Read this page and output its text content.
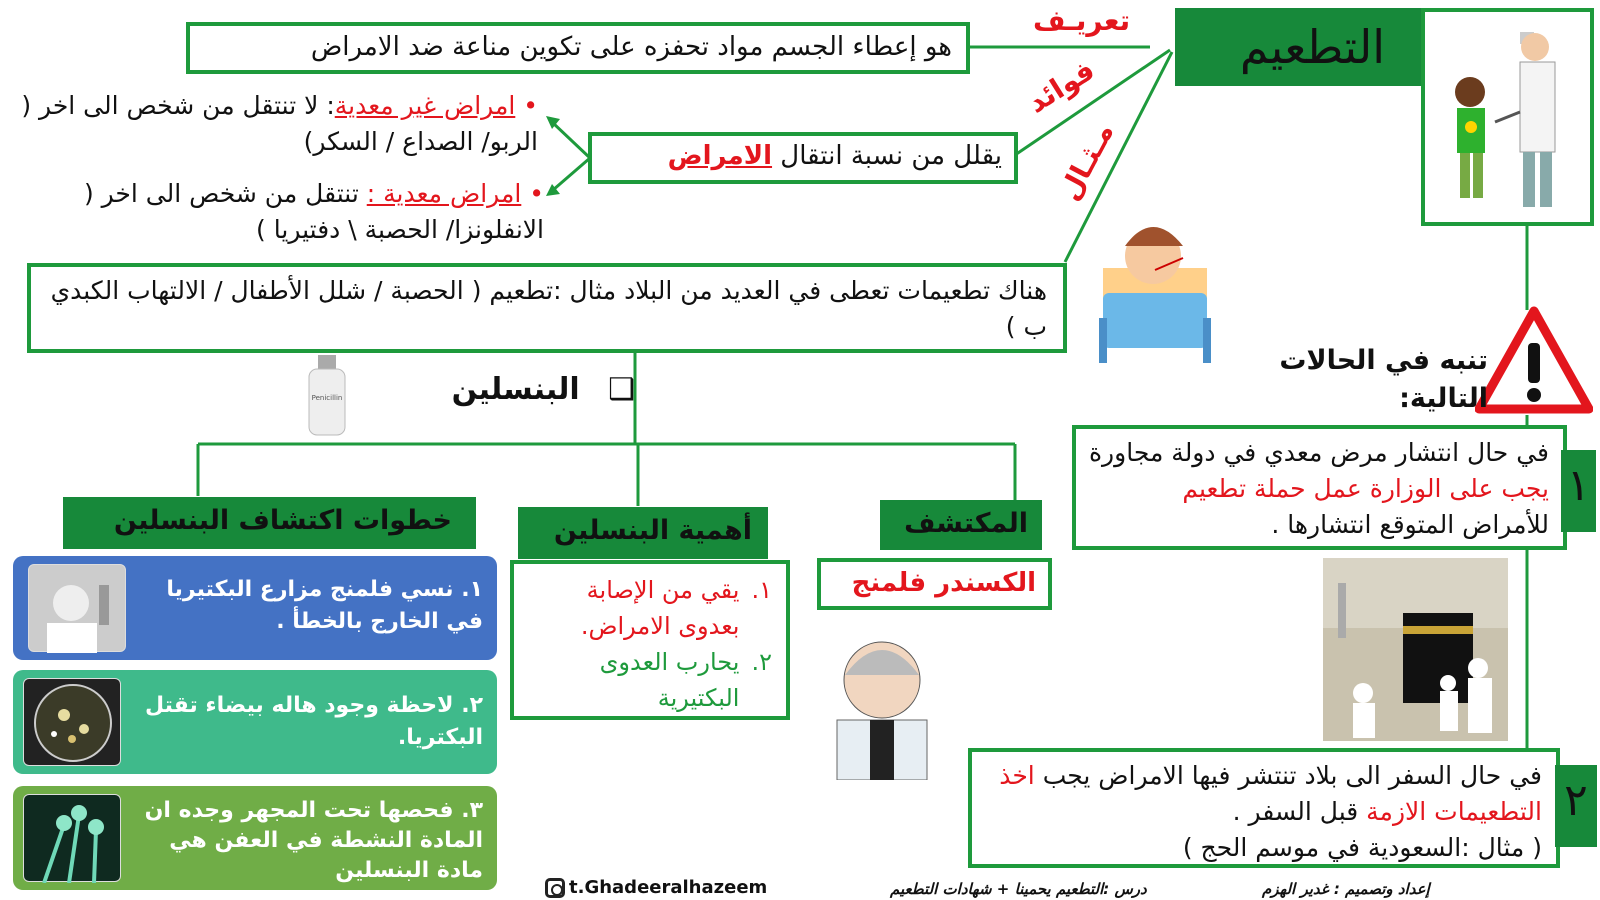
التطعيم
تعريـف
فوائد
مـثـال
هو إعطاء الجسم مواد تحفزه على تكوين مناعة ضد الامراض
يقلل من نسبة انتقال الامراض
• امراض غير معدية: لا تنتقل من شخص الى اخر ( الربو/ الصداع / السكر)
• امراض معدية : تنتقل من شخص الى اخر ( الانفلونزا/ الحصبة \ دفتيريا )
هناك تطعيمات تعطى في العديد من البلاد مثال :تطعيم ( الحصبة / شلل الأطفال / الالتهاب الكبدي ب )
تنبه في الحالات التالية:
Penicillin	❑ البنسلين
في حال انتشار مرض معدي في دولة مجاورة يجب على الوزارة عمل حملة تطعيم للأمراض المتوقع انتشارها .
١
في حال السفر الى بلاد تنتشر فيها الامراض يجب اخذ التطعيمات الازمة قبل السفر .
( مثال :السعودية في موسم الحج )
٢
المكتشف
الكسندر فلمنج
أهمية البنسلين
١.
يقي من الإصابة بعدوى الامراض.
٢.
يحارب العدوى البكتيرية
خطوات اكتشاف البنسلين
١. نسي فلمنج مزارع البكتيريا في الخارج بالخطأ .
٢. لاحظة وجود هاله بيضاء تقتل البكتريا.
٣. فحصها تحت المجهر وجده ان المادة النشطة في العفن هي مادة البنسلين
t.Ghadeeralhazeem	درس :التطعيم يحمينا + شهادات التطعيم	إعداد وتصميم : غدير الهزم
